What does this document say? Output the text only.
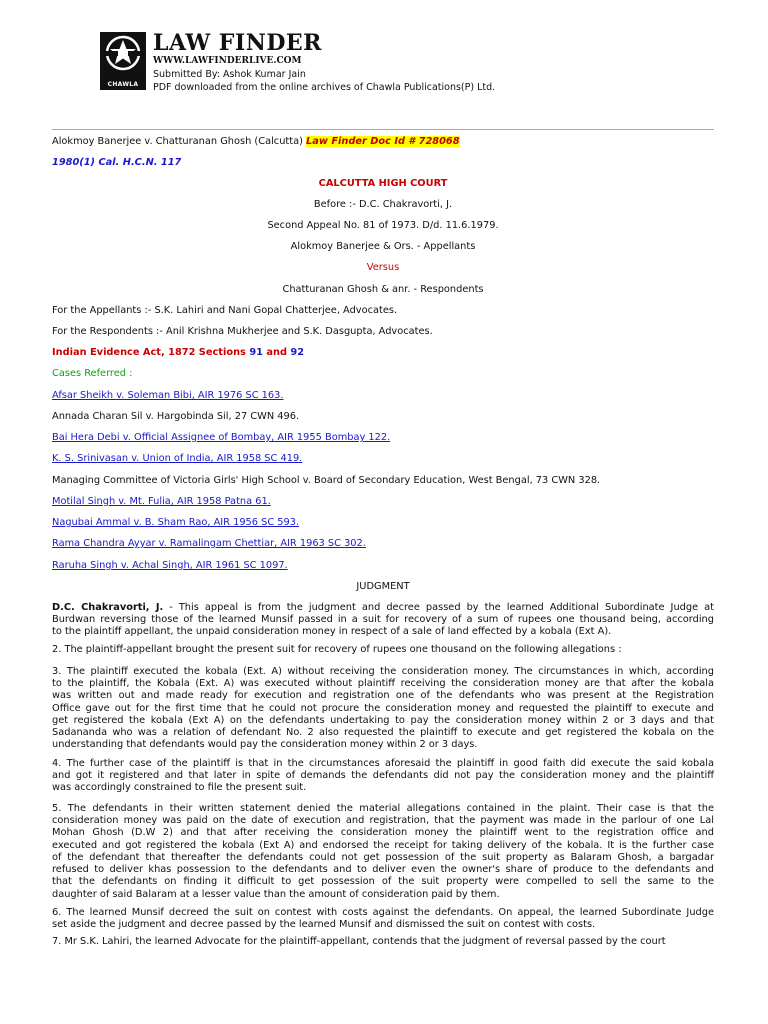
CHAWLA
LAW FINDER
WWW.LAWFINDERLIVE.COM
Submitted By: Ashok Kumar Jain
PDF downloaded from the online archives of Chawla Publications(P) Ltd.
Alokmoy Banerjee v. Chatturanan Ghosh (Calcutta) Law Finder Doc Id # 728068
1980(1) Cal. H.C.N. 117
CALCUTTA HIGH COURT
Before :- D.C. Chakravorti, J.
Second Appeal No. 81 of 1973. D/d. 11.6.1979.
Alokmoy Banerjee & Ors. - Appellants
Versus
Chatturanan Ghosh & anr. - Respondents
For the Appellants :- S.K. Lahiri and Nani Gopal Chatterjee, Advocates.
For the Respondents :- Anil Krishna Mukherjee and S.K. Dasgupta, Advocates.
Indian Evidence Act, 1872 Sections 91 and 92
Cases Referred :
Afsar Sheikh v. Soleman Bibi, AIR 1976 SC 163.
Annada Charan Sil v. Hargobinda Sil, 27 CWN 496.
Bai Hera Debi v. Official Assignee of Bombay, AIR 1955 Bombay 122.
K. S. Srinivasan v. Union of India, AIR 1958 SC 419.
Managing Committee of Victoria Girls' High School v. Board of Secondary Education, West Bengal, 73 CWN 328.
Motilal Singh v. Mt. Fulia, AIR 1958 Patna 61.
Nagubai Ammal v. B. Sham Rao, AIR 1956 SC 593.
Rama Chandra Ayyar v. Ramalingam Chettiar, AIR 1963 SC 302.
Raruha Singh v. Achal Singh, AIR 1961 SC 1097.
JUDGMENT
D.C. Chakravorti, J. - This appeal is from the judgment and decree passed by the learned Additional Subordinate Judge at
Burdwan reversing those of the learned Munsif passed in a suit for recovery of a sum of rupees one thousand being, according
to the plaintiff appellant, the unpaid consideration money in respect of a sale of land effected by a kobala (Ext A).
2. The plaintiff-appellant brought the present suit for recovery of rupees one thousand on the following allegations :
3. The plaintiff executed the kobala (Ext. A) without receiving the consideration money. The circumstances in which, according
to the plaintiff, the Kobala (Ext. A) was executed without plaintiff receiving the consideration money are that after the kobala
was written out and made ready for execution and registration one of the defendants who was present at the Registration
Office gave out for the first time that he could not procure the consideration money and requested the plaintiff to execute and
get registered the kobala (Ext A) on the defendants undertaking to pay the consideration money within 2 or 3 days and that
Sadananda who was a relation of defendant No. 2 also requested the plaintiff to execute and get registered the kobala on the
understanding that defendants would pay the consideration money within 2 or 3 days.
4. The further case of the plaintiff is that in the circumstances aforesaid the plaintiff in good faith did execute the said kobala
and got it registered and that later in spite of demands the defendants did not pay the consideration money and the plaintiff
was accordingly constrained to file the present suit.
5. The defendants in their written statement denied the material allegations contained in the plaint. Their case is that the
consideration money was paid on the date of execution and registration, that the payment was made in the parlour of one Lal
Mohan Ghosh (D.W 2) and that after receiving the consideration money the plaintiff went to the registration office and
executed and got registered the kobala (Ext A) and endorsed the receipt for taking delivery of the kobala. It is the further case
of the defendant that thereafter the defendants could not get possession of the suit property as Balaram Ghosh, a bargadar
refused to deliver khas possession to the defendants and to deliver even the owner's share of produce to the defendants and
that the defendants on finding it difficult to get possession of the suit property were compelled to sell the same to the
daughter of said Balaram at a lesser value than the amount of consideration paid by them.
6. The learned Munsif decreed the suit on contest with costs against the defendants. On appeal, the learned Subordinate Judge
set aside the judgment and decree passed by the learned Munsif and dismissed the suit on contest with costs.
7. Mr S.K. Lahiri, the learned Advocate for the plaintiff-appellant, contends that the judgment of reversal passed by the court
